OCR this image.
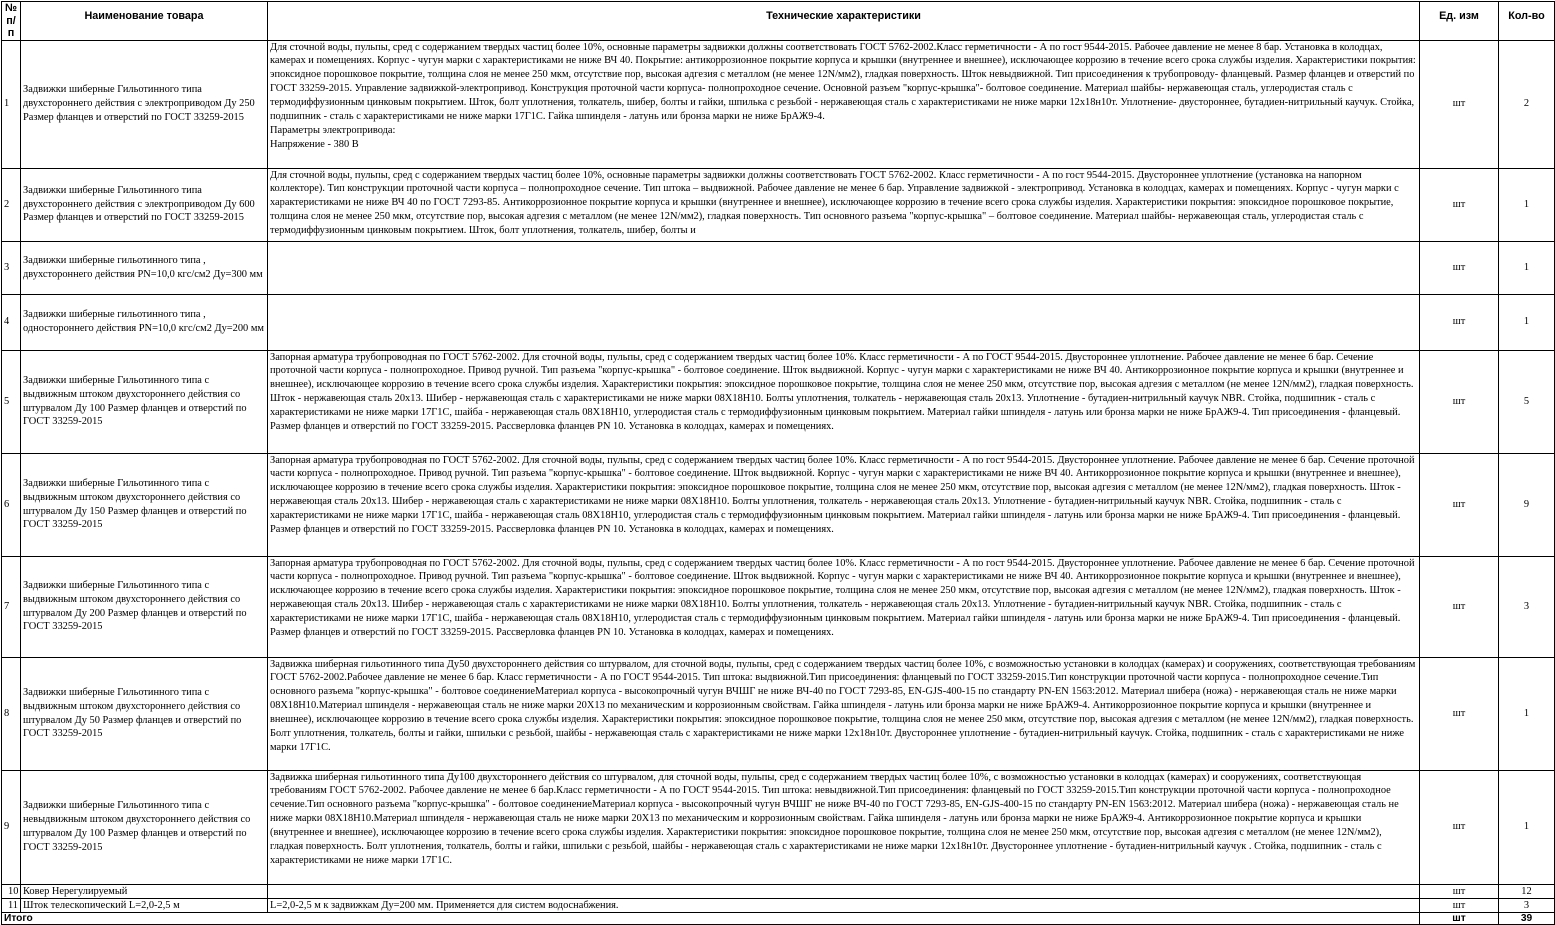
№ п/п	Наименование товара	Технические характеристики	Ед. изм	Кол-во
1	Задвижки шиберные Гильотинного типа двухстороннего действия с электроприводом Ду 250 Размер фланцев и отверстий по ГОСТ 33259-2015	Для сточной воды, пульпы, сред с содержанием твердых частиц более 10%, основные параметры задвижки должны соответствовать ГОСТ 5762-2002.Класс герметичности - А по гост 9544-2015. Рабочее давление не менее 8 бар. Установка в колодцах, камерах и помещениях. Корпус - чугун марки с характеристиками не ниже ВЧ 40. Покрытие: антикоррозионное покрытие корпуса и крышки (внутреннее и внешнее), исключающее коррозию в течение всего срока службы изделия. Характеристики покрытия: эпоксидное порошковое покрытие, толщина слоя не менее 250 мкм, отсутствие пор, высокая адгезия с металлом (не менее 12N/мм2), гладкая поверхность. Шток невыдвижной. Тип присоединения к трубопроводу- фланцевый. Размер фланцев и отверстий по ГОСТ 33259-2015. Управление задвижкой-электропривод. Конструкция проточной части корпуса- полнопроходное сечение. Основной разъем "корпус-крышка"- болтовое соединение. Материал шайбы- нержавеющая сталь, углеродистая сталь с термодиффузионным цинковым покрытием. Шток, болт уплотнения, толкатель, шибер, болты и гайки, шпилька с резьбой - нержавеющая сталь с характеристиками не ниже марки 12х18н10т. Уплотнение- двустороннее, бутадиен-нитрильный каучук. Стойка, подшипник - сталь с характеристиками не ниже марки 17Г1С. Гайка шпинделя - латунь или бронза марки не ниже БрАЖ9-4.
Параметры электропривода:
Напряжение - 380 В	шт	2
2	Задвижки шиберные Гильотинного типа двухстороннего действия с электроприводом Ду 600 Размер фланцев и отверстий по ГОСТ 33259-2015	Для сточной воды, пульпы, сред с содержанием твердых частиц более 10%, основные параметры задвижки должны соответствовать ГОСТ 5762-2002. Класс герметичности - А по гост 9544-2015. Двустороннее уплотнение (установка на напорном коллекторе). Тип конструкции проточной части корпуса – полнопроходное сечение. Тип штока – выдвижной. Рабочее давление не менее 6 бар. Управление задвижкой - электропривод. Установка в колодцах, камерах и помещениях. Корпус - чугун марки с характеристиками не ниже ВЧ 40 по ГОСТ 7293-85. Антикоррозионное покрытие корпуса и крышки (внутреннее и внешнее), исключающее коррозию в течение всего срока службы изделия. Характеристики покрытия: эпоксидное порошковое покрытие, толщина слоя не менее 250 мкм, отсутствие пор, высокая адгезия с металлом (не менее 12N/мм2), гладкая поверхность. Тип основного разъема "корпус-крышка" – болтовое соединение. Материал шайбы- нержавеющая сталь, углеродистая сталь с термодиффузионным цинковым покрытием. Шток, болт уплотнения, толкатель, шибер, болты и	шт	1
3	Задвижки шиберные гильотинного типа , двухстороннего действия PN=10,0 кгс/см2 Ду=300 мм		шт	1
4	Задвижки шиберные гильотинного типа , одностороннего действия PN=10,0 кгс/см2 Ду=200 мм		шт	1
5	Задвижки шиберные Гильотинного типа с выдвижным штоком двухстороннего действия со штурвалом Ду 100 Размер фланцев и отверстий по ГОСТ 33259-2015	Запорная арматура трубопроводная по ГОСТ 5762-2002. Для сточной воды, пульпы, сред с содержанием твердых частиц более 10%. Класс герметичности - А по ГОСТ 9544-2015. Двустороннее уплотнение. Рабочее давление не менее 6 бар. Сечение проточной части корпуса - полнопроходное. Привод ручной. Тип разъема "корпус-крышка" - болтовое соединение. Шток выдвижной. Корпус - чугун марки с характеристиками не ниже ВЧ 40. Антикоррозионное покрытие корпуса и крышки (внутреннее и внешнее), исключающее коррозию в течение всего срока службы изделия. Характеристики покрытия: эпоксидное порошковое покрытие, толщина слоя не менее 250 мкм, отсутствие пор, высокая адгезия с металлом (не менее 12N/мм2), гладкая поверхность. Шток - нержавеющая сталь 20х13. Шибер - нержавеющая сталь с характеристиками не ниже марки 08Х18Н10. Болты уплотнения, толкатель - нержавеющая сталь 20х13. Уплотнение - бутадиен-нитрильный каучук NBR. Стойка, подшипник - сталь с характеристиками не ниже марки 17Г1С, шайба - нержавеющая сталь 08Х18Н10, углеродистая сталь с термодиффузионным цинковым покрытием. Материал гайки шпинделя - латунь или бронза марки не ниже БрАЖ9-4. Тип присоединения - фланцевый. Размер фланцев и отверстий по ГОСТ 33259-2015. Рассверловка фланцев PN 10. Установка в колодцах, камерах и помещениях.	шт	5
6	Задвижки шиберные Гильотинного типа с выдвижным штоком двухстороннего действия со штурвалом Ду 150 Размер фланцев и отверстий по ГОСТ 33259-2015	Запорная арматура трубопроводная по ГОСТ 5762-2002. Для сточной воды, пульпы, сред с содержанием твердых частиц более 10%. Класс герметичности - А по гост 9544-2015. Двустороннее уплотнение. Рабочее давление не менее 6 бар. Сечение проточной части корпуса - полнопроходное. Привод ручной. Тип разъема "корпус-крышка" - болтовое соединение. Шток выдвижной. Корпус - чугун марки с характеристиками не ниже ВЧ 40. Антикоррозионное покрытие корпуса и крышки (внутреннее и внешнее), исключающее коррозию в течение всего срока службы изделия. Характеристики покрытия: эпоксидное порошковое покрытие, толщина слоя не менее 250 мкм, отсутствие пор, высокая адгезия с металлом (не менее 12N/мм2), гладкая поверхность. Шток - нержавеющая сталь 20х13. Шибер - нержавеющая сталь с характеристиками не ниже марки 08Х18Н10. Болты уплотнения, толкатель - нержавеющая сталь 20х13. Уплотнение - бутадиен-нитрильный каучук NBR. Стойка, подшипник - сталь с характеристиками не ниже марки 17Г1С, шайба - нержавеющая сталь 08Х18Н10, углеродистая сталь с термодиффузионным цинковым покрытием. Материал гайки шпинделя - латунь или бронза марки не ниже БрАЖ9-4. Тип присоединения - фланцевый. Размер фланцев и отверстий по ГОСТ 33259-2015. Рассверловка фланцев PN 10. Установка в колодцах, камерах и помещениях.	шт	9
7	Задвижки шиберные Гильотинного типа с выдвижным штоком двухстороннего действия со штурвалом Ду 200 Размер фланцев и отверстий по ГОСТ 33259-2015	Запорная арматура трубопроводная по ГОСТ 5762-2002. Для сточной воды, пульпы, сред с содержанием твердых частиц более 10%. Класс герметичности - А по гост 9544-2015. Двустороннее уплотнение. Рабочее давление не менее 6 бар. Сечение проточной части корпуса - полнопроходное. Привод ручной. Тип разъема "корпус-крышка" - болтовое соединение. Шток выдвижной. Корпус - чугун марки с характеристиками не ниже ВЧ 40. Антикоррозионное покрытие корпуса и крышки (внутреннее и внешнее), исключающее коррозию в течение всего срока службы изделия. Характеристики покрытия: эпоксидное порошковое покрытие, толщина слоя не менее 250 мкм, отсутствие пор, высокая адгезия с металлом (не менее 12N/мм2), гладкая поверхность. Шток - нержавеющая сталь 20х13. Шибер - нержавеющая сталь с характеристиками не ниже марки 08Х18Н10. Болты уплотнения, толкатель - нержавеющая сталь 20х13. Уплотнение - бутадиен-нитрильный каучук NBR. Стойка, подшипник - сталь с характеристиками не ниже марки 17Г1С, шайба - нержавеющая сталь 08Х18Н10, углеродистая сталь с термодиффузионным цинковым покрытием. Материал гайки шпинделя - латунь или бронза марки не ниже БрАЖ9-4. Тип присоединения - фланцевый. Размер фланцев и отверстий по ГОСТ 33259-2015. Рассверловка фланцев PN 10. Установка в колодцах, камерах и помещениях.	шт	3
8	Задвижки шиберные Гильотинного типа с выдвижным штоком двухстороннего действия со штурвалом Ду 50 Размер фланцев и отверстий по ГОСТ 33259-2015	Задвижка шиберная гильотинного типа Ду50 двухстороннего действия со штурвалом, для сточной воды, пульпы, сред с содержанием твердых частиц более 10%, с возможностью установки в колодцах (камерах) и сооружениях, соответствующая требованиям ГОСТ 5762-2002.Рабочее давление не менее 6 бар. Класс герметичности - А по ГОСТ 9544-2015. Тип штока: выдвижной.Тип присоединения: фланцевый по ГОСТ 33259-2015.Тип конструкции проточной части корпуса - полнопроходное сечение.Тип основного разъема "корпус-крышка" - болтовое соединениеМатериал корпуса - высокопрочный чугун ВЧШГ не ниже ВЧ-40 по ГОСТ 7293-85, EN-GJS-400-15 по стандарту PN-EN 1563:2012. Материал шибера (ножа) - нержавеющая сталь не ниже марки 08Х18Н10.Материал шпинделя - нержавеющая сталь не ниже марки 20Х13 по механическим и коррозионным свойствам. Гайка шпинделя - латунь или бронза марки не ниже БрАЖ9-4. Антикоррозионное покрытие корпуса и крышки (внутреннее и внешнее), исключающее коррозию в течение всего срока службы изделия. Характеристики покрытия: эпоксидное порошковое покрытие, толщина слоя не менее 250 мкм, отсутствие пор, высокая адгезия с металлом (не менее 12N/мм2), гладкая поверхность. Болт уплотнения, толкатель, болты и гайки, шпильки с резьбой, шайбы - нержавеющая сталь с характеристиками не ниже марки 12х18н10т. Двустороннее уплотнение - бутадиен-нитрильный каучук. Стойка, подшипник - сталь с характеристиками не ниже марки 17Г1С.	шт	1
9	Задвижки шиберные Гильотинного типа с невыдвижным штоком двухстороннего действия со штурвалом Ду 100 Размер фланцев и отверстий по ГОСТ 33259-2015	Задвижка шиберная гильотинного типа Ду100 двухстороннего действия со штурвалом, для сточной воды, пульпы, сред с содержанием твердых частиц более 10%, с возможностью установки в колодцах (камерах) и сооружениях, соответствующая требованиям ГОСТ 5762-2002. Рабочее давление не менее 6 бар.Класс герметичности - А по ГОСТ 9544-2015. Тип штока: невыдвижной.Тип присоединения: фланцевый по ГОСТ 33259-2015.Тип конструкции проточной части корпуса - полнопроходное сечение.Тип основного разъема "корпус-крышка" - болтовое соединениеМатериал корпуса - высокопрочный чугун ВЧШГ не ниже ВЧ-40 по ГОСТ 7293-85, EN-GJS-400-15 по стандарту PN-EN 1563:2012. Материал шибера (ножа) - нержавеющая сталь не ниже марки 08Х18Н10.Материал шпинделя - нержавеющая сталь не ниже марки 20Х13 по механическим и коррозионным свойствам. Гайка шпинделя - латунь или бронза марки не ниже БрАЖ9-4. Антикоррозионное покрытие корпуса и крышки (внутреннее и внешнее), исключающее коррозию в течение всего срока службы изделия. Характеристики покрытия: эпоксидное порошковое покрытие, толщина слоя не менее 250 мкм, отсутствие пор, высокая адгезия с металлом (не менее 12N/мм2), гладкая поверхность. Болт уплотнения, толкатель, болты и гайки, шпильки с резьбой, шайбы - нержавеющая сталь с характеристиками не ниже марки 12х18н10т. Двустороннее уплотнение - бутадиен-нитрильный каучук . Стойка, подшипник - сталь с характеристиками не ниже марки 17Г1С.	шт	1
10	Ковер Нерегулируемый		шт	12
11	Шток телескопический L=2,0-2,5 м	L=2,0-2,5 м к задвижкам Ду=200 мм. Применяется для систем водоснабжения.	шт	3
Итого			шт	39
